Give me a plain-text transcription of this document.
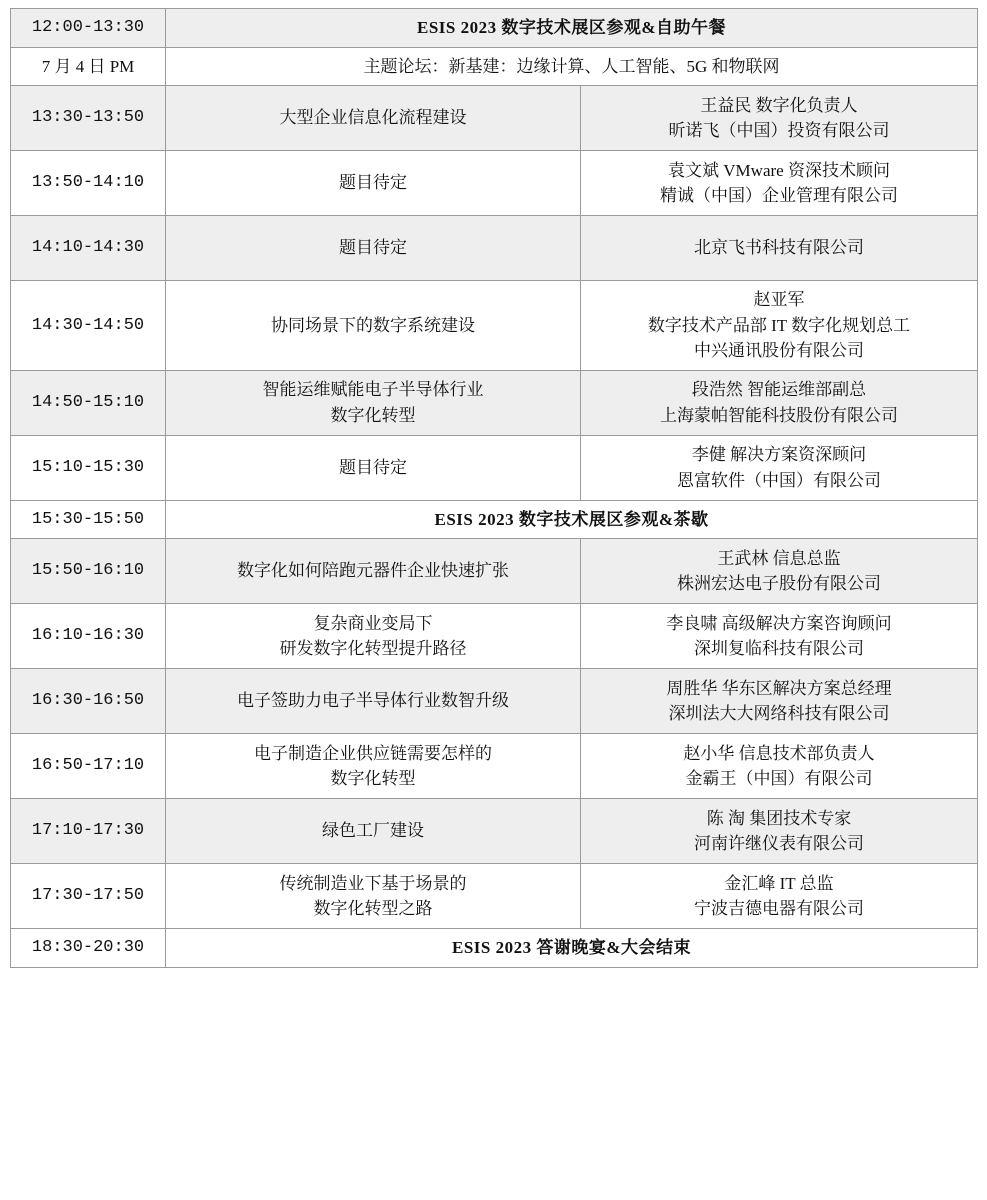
12:00-13:30	ESIS 2023 数字技术展区参观&自助午餐	
7 月 4 日 PM	主题论坛：新基建：边缘计算、人工智能、5G 和物联网	
13:30-13:50	大型企业信息化流程建设	王益民 数字化负责人
昕诺飞（中国）投资有限公司

13:50-14:10	题目待定	袁文斌 VMware 资深技术顾问
精诚（中国）企业管理有限公司

14:10-14:30	题目待定	北京飞书科技有限公司

14:30-14:50	协同场景下的数字系统建设	赵亚军
数字技术产品部 IT 数字化规划总工
中兴通讯股份有限公司

14:50-15:10	智能运维赋能电子半导体行业
数字化转型	段浩然 智能运维部副总
上海蒙帕智能科技股份有限公司

15:10-15:30	题目待定	李健 解决方案资深顾问
恩富软件（中国）有限公司

15:30-15:50	ESIS 2023 数字技术展区参观&茶歇	
15:50-16:10	数字化如何陪跑元器件企业快速扩张	王武林 信息总监
株洲宏达电子股份有限公司

16:10-16:30	复杂商业变局下
研发数字化转型提升路径	李良啸 高级解决方案咨询顾问
深圳复临科技有限公司

16:30-16:50	电子签助力电子半导体行业数智升级	周胜华 华东区解决方案总经理
深圳法大大网络科技有限公司

16:50-17:10	电子制造企业供应链需要怎样的
数字化转型	赵小华 信息技术部负责人
金霸王（中国）有限公司

17:10-17:30	绿色工厂建设	陈 淘 集团技术专家
河南许继仪表有限公司

17:30-17:50	传统制造业下基于场景的
数字化转型之路	金汇峰 IT 总监
宁波吉德电器有限公司

18:30-20:30	ESIS 2023 答谢晚宴&大会结束	
